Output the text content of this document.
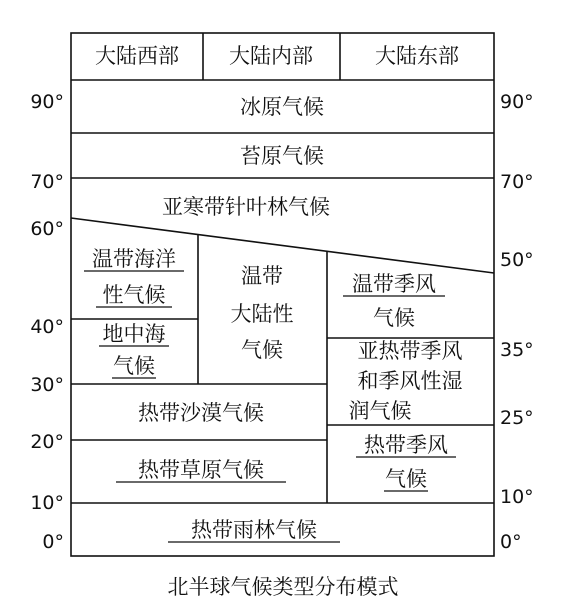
大陆西部 大陆内部	大陆东部
冰原气候
苔原气候
亚寒带针叶林气候
温带海洋
性气候
地中海
气候
温带
大陆性
气候
温带季风
气候
亚热带季风
和季风性湿
润气候
热带沙漠气候
热带草原气候
热带季风
气候
热带雨林气候
90°
70°
60°
40°
30°
20°
10°
0°
90°
70°
50°
35°
25°
10°
0°
北半球气候类型分布模式
